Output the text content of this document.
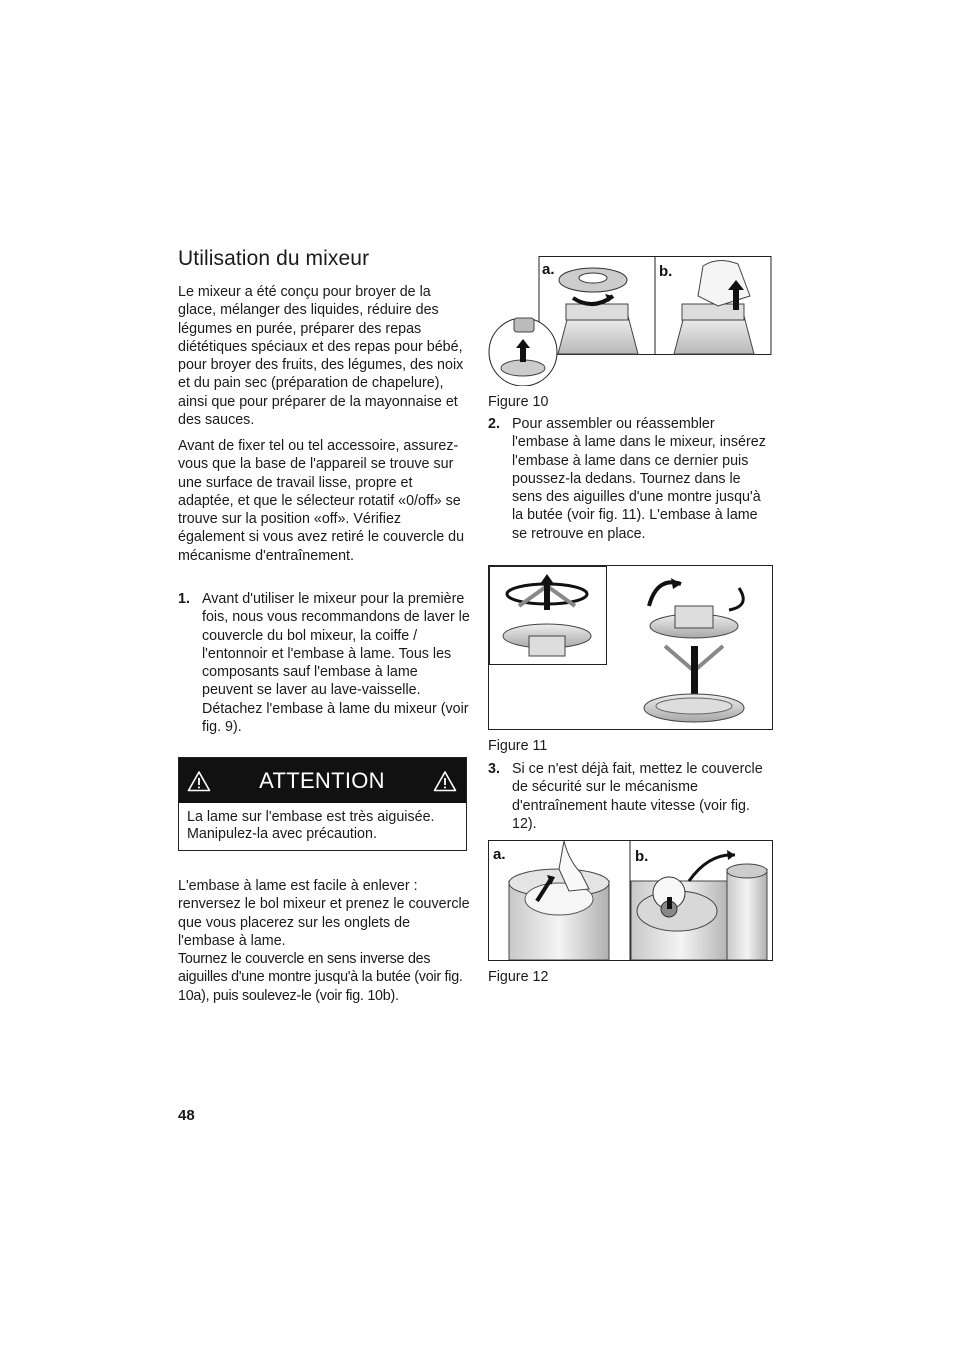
Utilisation du mixeur

Le mixeur a été conçu pour broyer de la glace, mélanger des liquides, réduire des légumes en purée, préparer des repas diététiques spéciaux et des repas pour bébé, pour broyer des fruits, des légumes, des noix et du pain sec (préparation de chapelure), ainsi que pour préparer de la mayonnaise et des sauces.

Avant de fixer tel ou tel accessoire, assurez-vous que la base de l'appareil se trouve sur une surface de travail lisse, propre et adaptée, et que le sélecteur rotatif «0/off» se trouve sur la position «off». Vérifiez également si vous avez retiré le couvercle du mécanisme d'entraînement.

1. Avant d'utiliser le mixeur pour la première fois, nous vous recommandons de laver le couvercle du bol mixeur, la coiffe / l'entonnoir et l'embase à lame. Tous les composants sauf l'embase à lame peuvent se laver au lave-vaisselle. Détachez l'embase à lame du mixeur (voir fig. 9).
ATTENTION
La lame sur l'embase est très aiguisée. Manipulez-la avec précaution.
L'embase à lame est facile à enlever : renversez le bol mixeur et prenez le couvercle que vous placerez sur les onglets de l'embase à lame.
Tournez le couvercle en sens inverse des aiguilles d'une montre jusqu'à la butée (voir fig. 10a), puis soulevez-le (voir fig. 10b).
a.	b.
Figure 10
2. Pour assembler ou réassembler l'embase à lame dans le mixeur, insérez l'embase à lame dans ce dernier puis poussez-la dedans. Tournez dans le sens des aiguilles d'une montre jusqu'à la butée (voir fig. 11). L'embase à lame se retrouve en place.
Figure 11
3. Si ce n'est déjà fait, mettez le couvercle de sécurité sur le mécanisme d'entraînement haute vitesse (voir fig. 12).
a.	b.
Figure 12
48
